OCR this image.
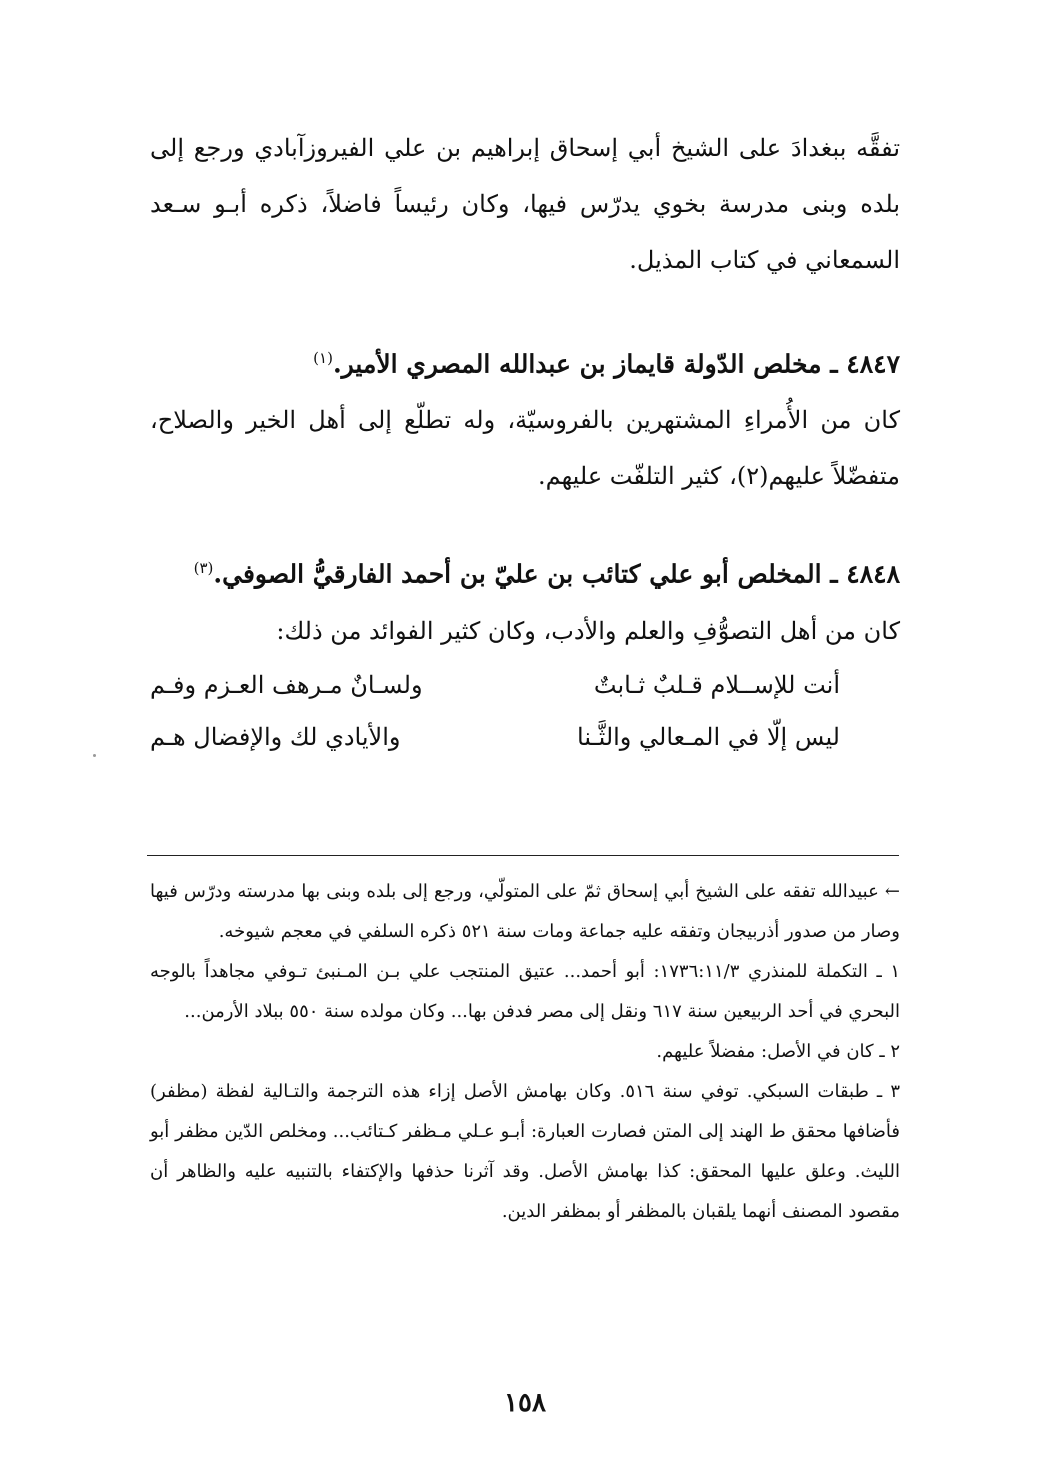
تفقَّه ببغدادَ على الشيخ أبي إسحاق إبراهيم بن علي الفيروزآبادي ورجع إلى بلده وبنى مدرسة بخوي يدرّس فيها، وكان رئيساً فاضلاً، ذكره أبـو سـعد السمعاني في كتاب المذيل.

٤٨٤٧ ـ مخلص الدّولة قايماز بن عبدالله المصري الأمير.$^{(١)}$

كان من الأُمراءِ المشتهرين بالفروسيّة، وله تطلّع إلى أهل الخير والصلاح، متفضّلاً عليهم(٢)، كثير التلفّت عليهم.

٤٨٤٨ ـ المخلص أبو علي كتائب بن عليّ بن أحمد الفارقيُّ الصوفي.$^{(٣)}$

كان من أهل التصوُّفِ والعلم والأدب، وكان كثير الفوائد من ذلك:

أنت للإســلام قـلبٌ ثـابتٌ
ولسـانٌ مـرهف العـزم وفـم
ليس إلّا في المـعالي والثَّـنا
والأيادي لك والإفضال هـم

← عبيدالله تفقه على الشيخ أبي إسحاق ثمّ على المتولّي، ورجع إلى بلده وبنى بها مدرسته ودرّس فيها وصار من صدور أذربيجان وتفقه عليه جماعة ومات سنة ٥٢١ ذكره السلفي في معجم شيوخه.

١ ـ التكملة للمنذري ١٧٣٦:١١/٣: أبو أحمد... عتيق المنتجب علي بـن المـنبئ تـوفي مجاهداً بالوجه البحري في أحد الربيعين سنة ٦١٧ ونقل إلى مصر فدفن بها... وكان مولده سنة ٥٥٠ ببلاد الأرمن...

٢ ـ كان في الأصل: مفضلاً عليهم.

٣ ـ طبقات السبكي. توفي سنة ٥١٦. وكان بهامش الأصل إزاء هذه الترجمة والتـالية لفظة (مظفر) فأضافها محقق ط الهند إلى المتن فصارت العبارة: أبـو عـلي مـظفر كـتائب... ومخلص الدّين مظفر أبو الليث. وعلق عليها المحقق: كذا بهامش الأصل. وقد آثرنا حذفها والإكتفاء بالتنبيه عليه والظاهر أن مقصود المصنف أنهما يلقبان بالمظفر أو بمظفر الدين.

١٥٨
